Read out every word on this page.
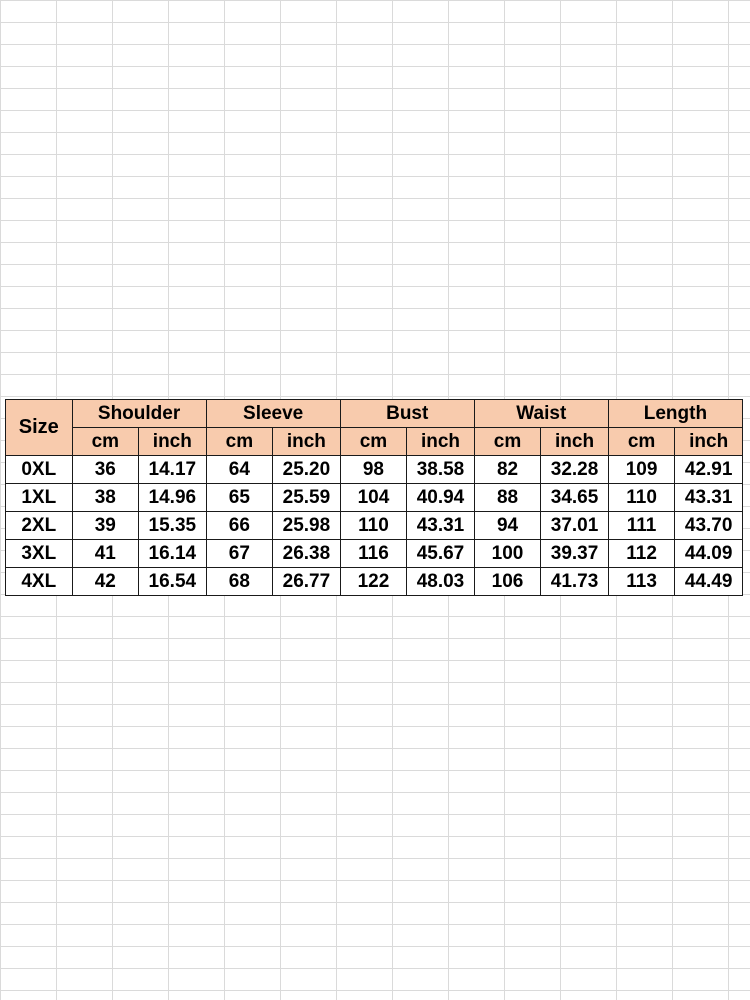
Size	Shoulder		Sleeve		Bust		Waist		Length	
	cm	inch	cm	inch	cm	inch	cm	inch	cm	inch
0XL	36	14.17	64	25.20	98	38.58	82	32.28	109	42.91
1XL	38	14.96	65	25.59	104	40.94	88	34.65	110	43.31
2XL	39	15.35	66	25.98	110	43.31	94	37.01	111	43.70
3XL	41	16.14	67	26.38	116	45.67	100	39.37	112	44.09
4XL	42	16.54	68	26.77	122	48.03	106	41.73	113	44.49
